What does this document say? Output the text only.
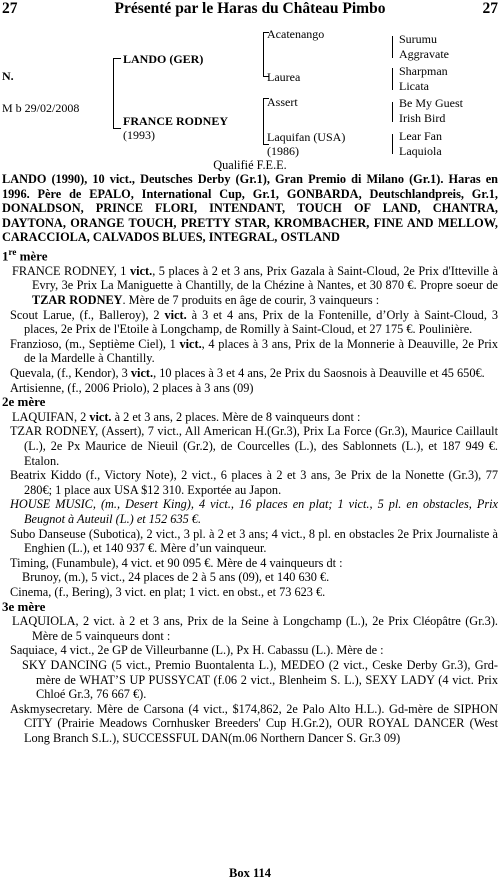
27	Présenté par le Haras du Château Pimbo	27
N.
M b 29/02/2008
LANDO (GER)
FRANCE RODNEY
(1993)
Acatenango
Laurea
Assert
Laquifan (USA)
(1986)
Surumu
Aggravate
Sharpman
Licata
Be My Guest
Irish Bird
Lear Fan
Laquiola
Qualifié F.E.E.

LANDO (1990), 10 vict., Deutsches Derby (Gr.1), Gran Premio di Milano (Gr.1). Haras en 1996. Père de EPALO, International Cup, Gr.1, GONBARDA, Deutschlandpreis, Gr.1, DONALDSON, PRINCE FLORI, INTENDANT, TOUCH OF LAND, CHANTRA, DAYTONA, ORANGE TOUCH, PRETTY STAR, KROMBACHER, FINE AND MELLOW, CARACCIOLA, CALVADOS BLUES, INTEGRAL, OSTLAND

1re mère

FRANCE RODNEY, 1 vict., 5 places à 2 et 3 ans, Prix Gazala à Saint-Cloud, 2e Prix d'Itteville à Evry, 3e Prix La Maniguette à Chantilly, de la Chézine à Nantes, et 30 870 €. Propre soeur de TZAR RODNEY. Mère de 7 produits en âge de courir, 3 vainqueurs :

Scout Larue, (f., Balleroy), 2 vict. à 3 et 4 ans, Prix de la Fontenille, d’Orly à Saint-Cloud, 3 places, 2e Prix de l'Etoile à Longchamp, de Romilly à Saint-Cloud, et 27 175 €. Poulinière.

Franzioso, (m., Septième Ciel), 1 vict., 4 places à 3 ans, Prix de la Monnerie à Deauville, 2e Prix de la Mardelle à Chantilly.

Quevala, (f., Kendor), 3 vict., 10 places à 3 et 4 ans, 2e Prix du Saosnois à Deauville et 45 650€.

Artisienne, (f., 2006 Priolo), 2 places à 3 ans (09)

2e mère

LAQUIFAN, 2 vict. à 2 et 3 ans, 2 places. Mère de 8 vainqueurs dont :

TZAR RODNEY, (Assert), 7 vict., All American H.(Gr.3), Prix La Force (Gr.3), Maurice Caillault (L.), 2e Px Maurice de Nieuil (Gr.2), de Courcelles (L.), des Sablonnets (L.), et 187 949 €. Etalon.

Beatrix Kiddo (f., Victory Note), 2 vict., 6 places à 2 et 3 ans, 3e Prix de la Nonette (Gr.3), 77 280€; 1 place aux USA $12 310. Exportée au Japon.

HOUSE MUSIC, (m., Desert King), 4 vict., 16 places en plat; 1 vict., 5 pl. en obstacles, Prix Beugnot à Auteuil (L.) et 152 635 €.

Subo Danseuse (Subotica), 2 vict., 3 pl. à 2 et 3 ans; 4 vict., 8 pl. en obstacles 2e Prix Journaliste à Enghien (L.), et 140 937 €. Mère d’un vainqueur.

Timing, (Funambule), 4 vict. et 90 095 €. Mère de 4 vainqueurs dt :

Brunoy, (m.), 5 vict., 24 places de 2 à 5 ans (09), et 140 630 €.

Cinema, (f., Bering), 3 vict. en plat; 1 vict. en obst., et 73 623 €.

3e mère

LAQUIOLA, 2 vict. à 2 et 3 ans, Prix de la Seine à Longchamp (L.), 2e Prix Cléopâtre (Gr.3). Mère de 5 vainqueurs dont :

Saquiace, 4 vict., 2e GP de Villeurbanne (L.), Px H. Cabassu (L.). Mère de :

SKY DANCING (5 vict., Premio Buontalenta L.), MEDEO (2 vict., Ceske Derby Gr.3), Grd-mère de WHAT’S UP PUSSYCAT (f.06 2 vict., Blenheim S. L.), SEXY LADY (4 vict. Prix Chloé Gr.3, 76 667 €).

Askmysecretary. Mère de Carsona (4 vict., $174,862, 2e Palo Alto H.L.). Gd-mère de SIPHON CITY (Prairie Meadows Cornhusker Breeders' Cup H.Gr.2), OUR ROYAL DANCER (West Long Branch S.L.), SUCCESSFUL DAN(m.06 Northern Dancer S. Gr.3 09)

Box 114
